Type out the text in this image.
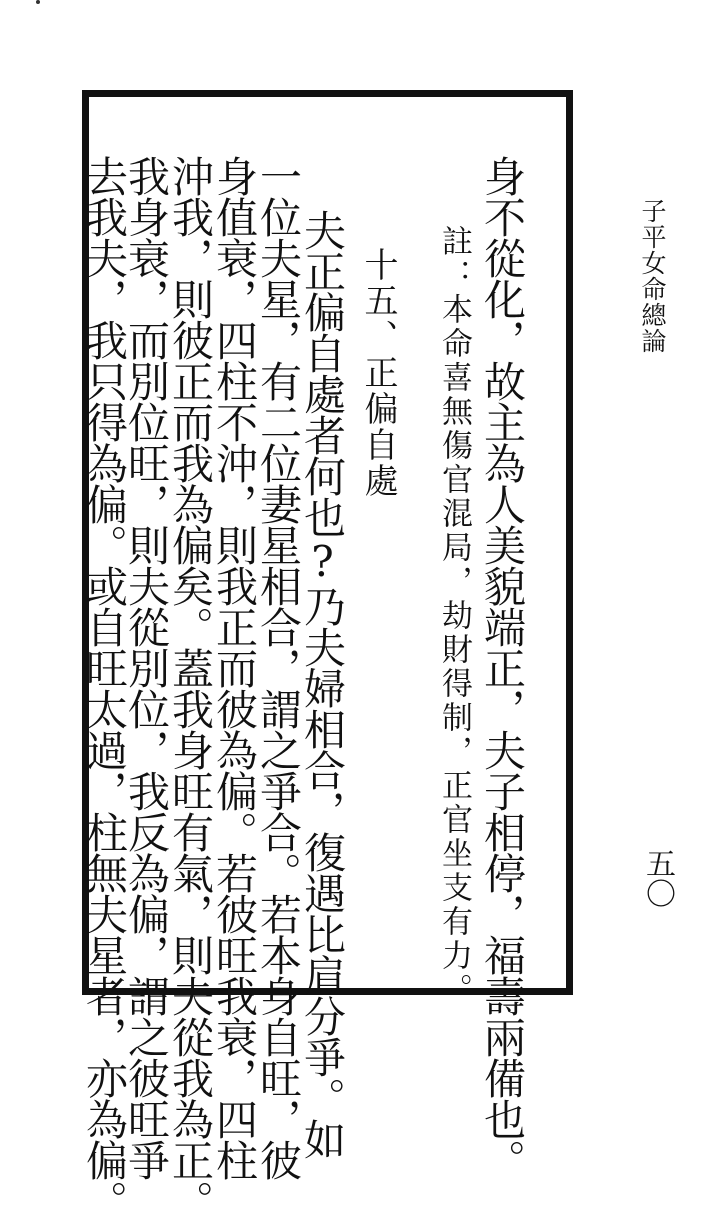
子平女命總論
五〇
身不從化，故主為人美貌端正，夫子相停，福壽兩備也。
註：本命喜無傷官混局，劫財得制，正官坐支有力。
十五、正偏自處
夫正偏自處者何也?乃夫婦相合，復遇比肩分爭。如
一位夫星，有二位妻星相合，謂之爭合。若本身自旺，彼
身值衰，四柱不沖，則我正而彼為偏。若彼旺我衰，四柱
沖我，則彼正而我為偏矣。蓋我身旺有氣，則夫從我為正。
我身衰，而別位旺，則夫從別位，我反為偏，謂之彼旺爭
去我夫，我只得為偏。或自旺太過，柱無夫星者，亦為偏。
